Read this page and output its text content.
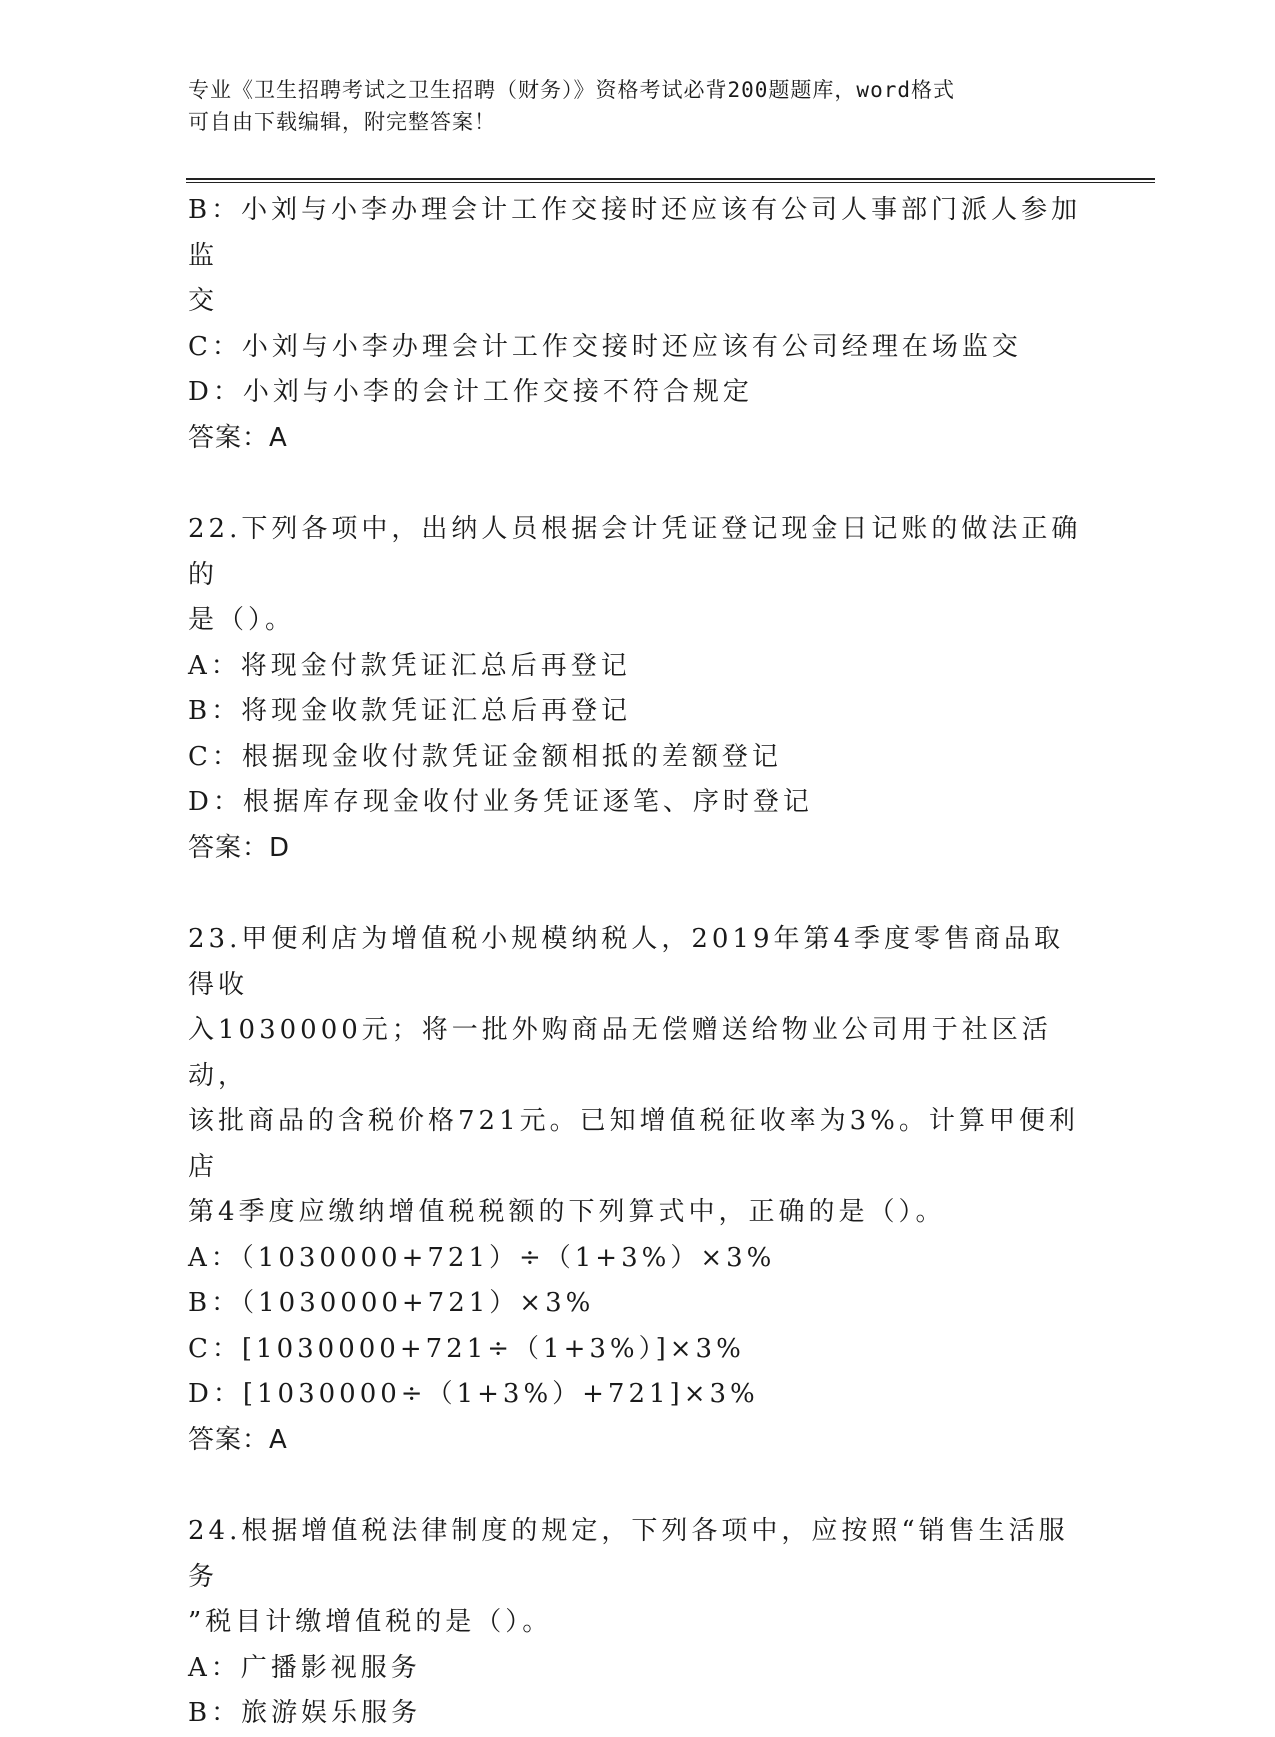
专业《卫生招聘考试之卫生招聘（财务）》资格考试必背200题题库，word格式
可自由下载编辑，附完整答案！
B：小刘与小李办理会计工作交接时还应该有公司人事部门派人参加监
交
C：小刘与小李办理会计工作交接时还应该有公司经理在场监交
D：小刘与小李的会计工作交接不符合规定
答案：A
22.下列各项中，出纳人员根据会计凭证登记现金日记账的做法正确的
是（）。
A：将现金付款凭证汇总后再登记
B：将现金收款凭证汇总后再登记
C：根据现金收付款凭证金额相抵的差额登记
D：根据库存现金收付业务凭证逐笔、序时登记
答案：D
23.甲便利店为增值税小规模纳税人，2019年第4季度零售商品取得收
入1030000元；将一批外购商品无偿赠送给物业公司用于社区活动，
该批商品的含税价格721元。已知增值税征收率为3%。计算甲便利店
第4季度应缴纳增值税税额的下列算式中，正确的是（）。
A：（1030000+721）÷（1+3%）×3%
B：（1030000+721）×3%
C：[1030000+721÷（1+3%）]×3%
D：[1030000÷（1+3%）+721]×3%
答案：A
24.根据增值税法律制度的规定，下列各项中，应按照“销售生活服务
”税目计缴增值税的是（）。
A：广播影视服务
B：旅游娱乐服务
